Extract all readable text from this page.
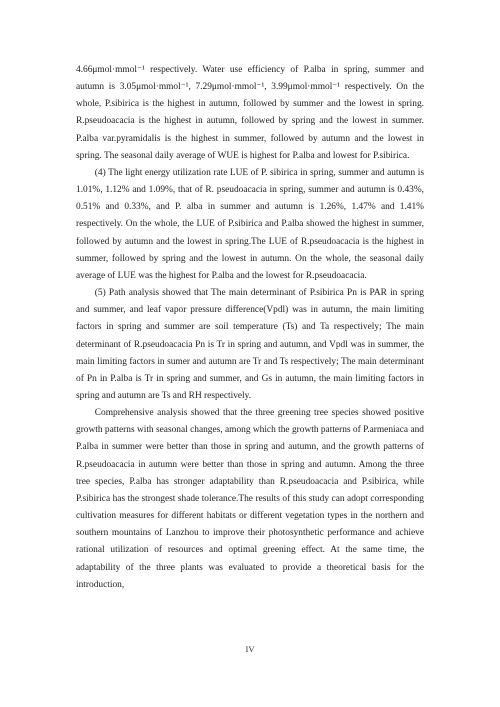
4.66μmol·mmol⁻¹ respectively. Water use efficiency of P.alba in spring, summer and autumn is 3.05μmol·mmol⁻¹, 7.29μmol·mmol⁻¹, 3.99μmol·mmol⁻¹ respectively. On the whole, P.sibirica is the highest in autumn, followed by summer and the lowest in spring. R.pseudoacacia is the highest in autumn, followed by spring and the lowest in summer. P.alba var.pyramidalis is the highest in summer, followed by autumn and the lowest in spring. The seasonal daily average of WUE is highest for P.alba and lowest for P.sibirica.

(4) The light energy utilization rate LUE of P. sibirica in spring, summer and autumn is 1.01%, 1.12% and 1.09%, that of R. pseudoacacia in spring, summer and autumn is 0.43%, 0.51% and 0.33%, and P. alba in summer and autumn is 1.26%, 1.47% and 1.41% respectively. On the whole, the LUE of P.sibirica and P.alba showed the highest in summer, followed by autumn and the lowest in spring.The LUE of R.pseudoacacia is the highest in summer, followed by spring and the lowest in autumn. On the whole, the seasonal daily average of LUE was the highest for P.alba and the lowest for R.pseudoacacia.

(5) Path analysis showed that The main determinant of P.sibirica Pn is PAR in spring and summer, and leaf vapor pressure difference(Vpdl) was in autumn, the main limiting factors in spring and summer are soil temperature (Ts) and Ta respectively; The main determinant of R.pseudoacacia Pn is Tr in spring and autumn, and Vpdl was in summer, the main limiting factors in sumer and autumn are Tr and Ts respectively; The main determinant of Pn in P.alba is Tr in spring and summer, and Gs in autumn, the main limiting factors in spring and autumn are Ts and RH respectively.

Comprehensive analysis showed that the three greening tree species showed positive growth patterns with seasonal changes, among which the growth patterns of P.armeniaca and P.alba in summer were better than those in spring and autumn, and the growth patterns of R.pseudoacacia in autumn were better than those in spring and autumn. Among the three tree species, P.alba has stronger adaptability than R.pseudoacacia and P.sibirica, while P.sibirica has the strongest shade tolerance.The results of this study can adopt corresponding cultivation measures for different habitats or different vegetation types in the northern and southern mountains of Lanzhou to improve their photosynthetic performance and achieve rational utilization of resources and optimal greening effect. At the same time, the adaptability of the three plants was evaluated to provide a theoretical basis for the introduction,

IV
